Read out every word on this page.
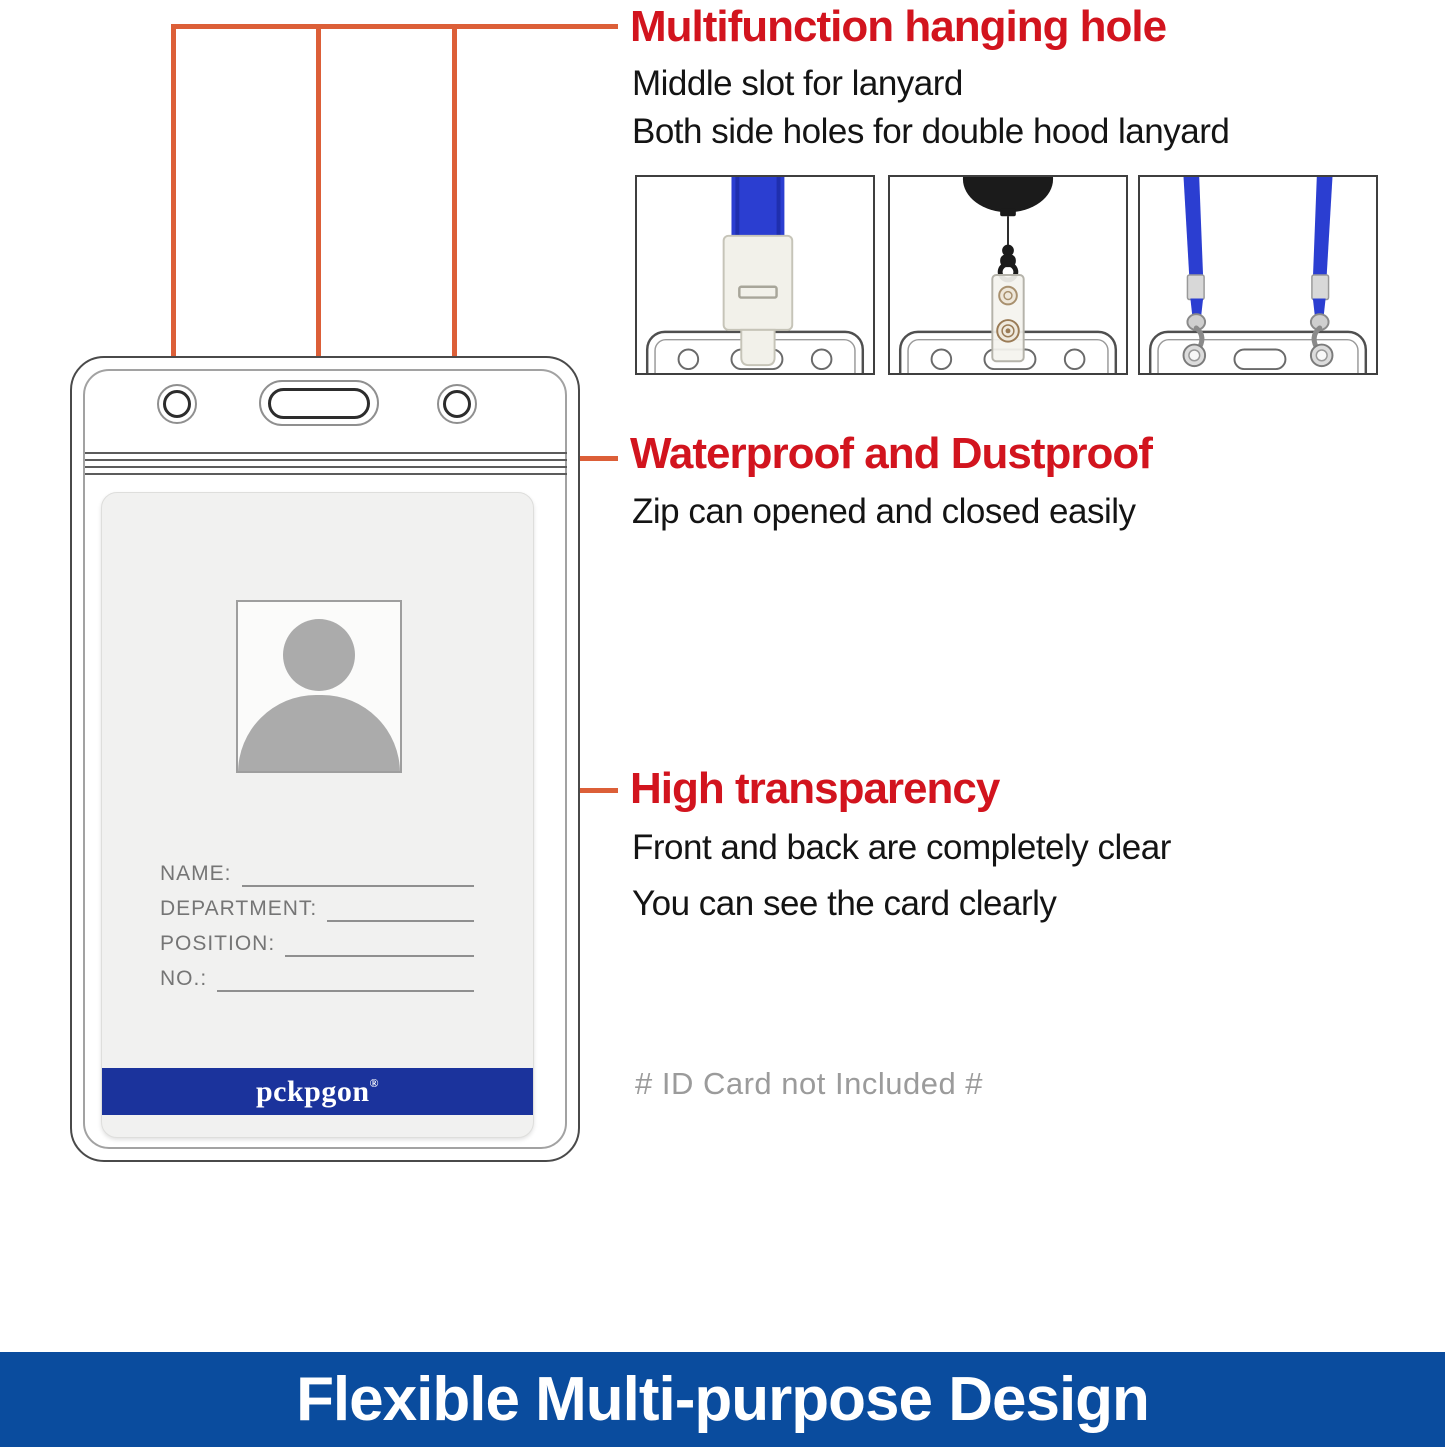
Multifunction hanging hole
Middle slot for lanyard
Both side holes for double hood lanyard
Waterproof and Dustproof
Zip can opened and closed easily
High transparency
Front and back are completely clear
You can see the card clearly
# ID Card not Included #
NAME:
DEPARTMENT:
POSITION:
NO.:
pckpgon®
Flexible Multi-purpose Design
